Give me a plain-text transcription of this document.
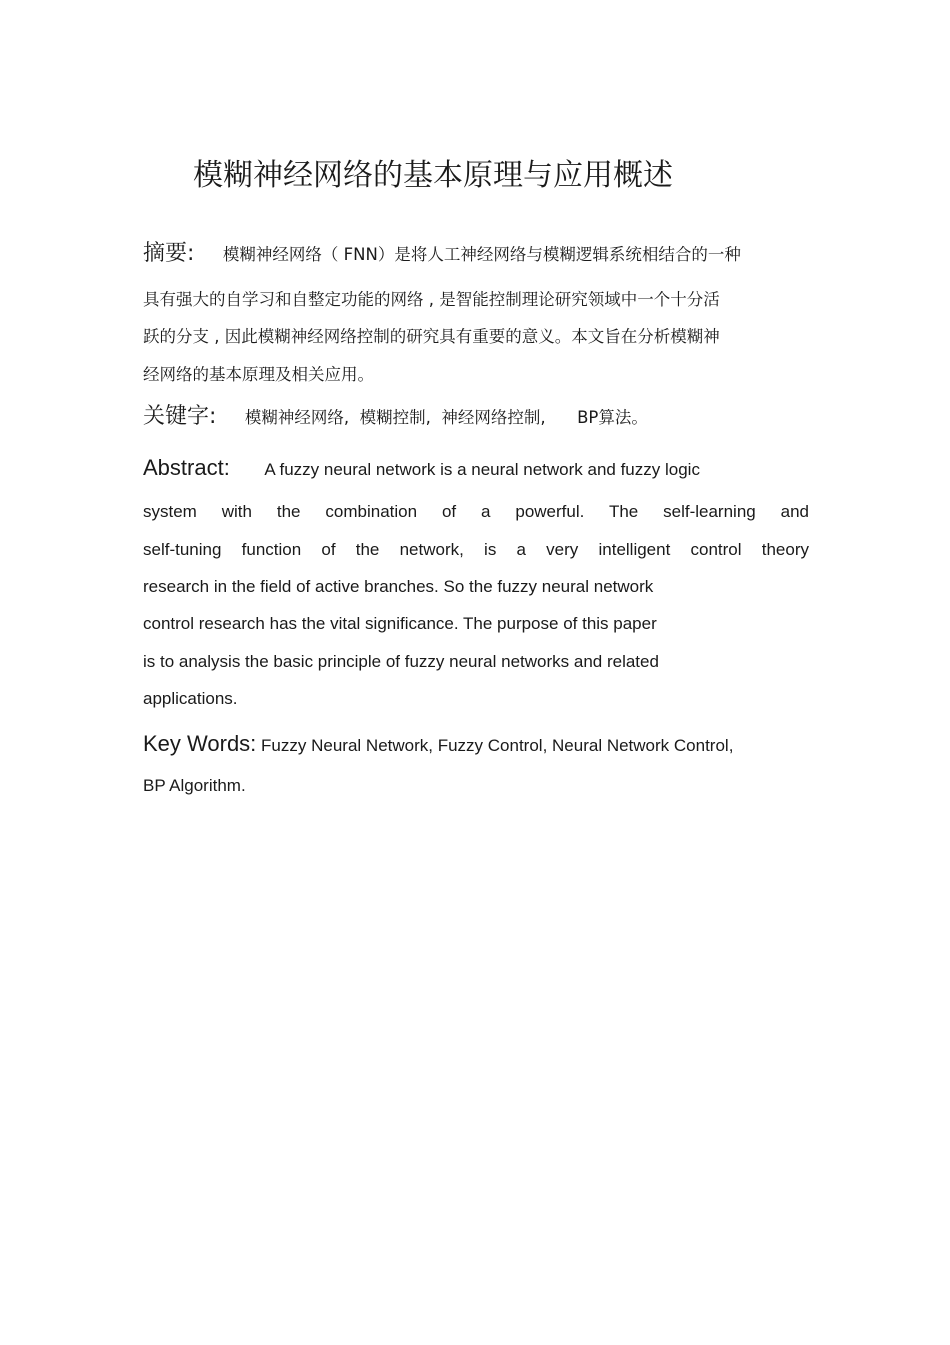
模糊神经网络的基本原理与应用概述
摘要: 模糊神经网络（ FNN）是将人工神经网络与模糊逻辑系统相结合的一种
具有强大的自学习和自整定功能的网络 , 是智能控制理论研究领域中一个十分活
跃的分支 , 因此模糊神经网络控制的研究具有重要的意义。本文旨在分析模糊神
经网络的基本原理及相关应用。
关键字: 模糊神经网络,  模糊控制,  神经网络控制,      BP算法。
Abstract: A fuzzy neural network is a neural network and fuzzy logic
system with the combination of a powerful. The self-learning and
self-tuning function of the network, is a very intelligent control theory
research in the field of active branches. So the fuzzy neural network
control research has the vital significance. The purpose of this paper
is to analysis the basic principle of fuzzy neural networks and related
applications.
Key Words: Fuzzy Neural Network, Fuzzy Control, Neural Network Control,
BP Algorithm.
